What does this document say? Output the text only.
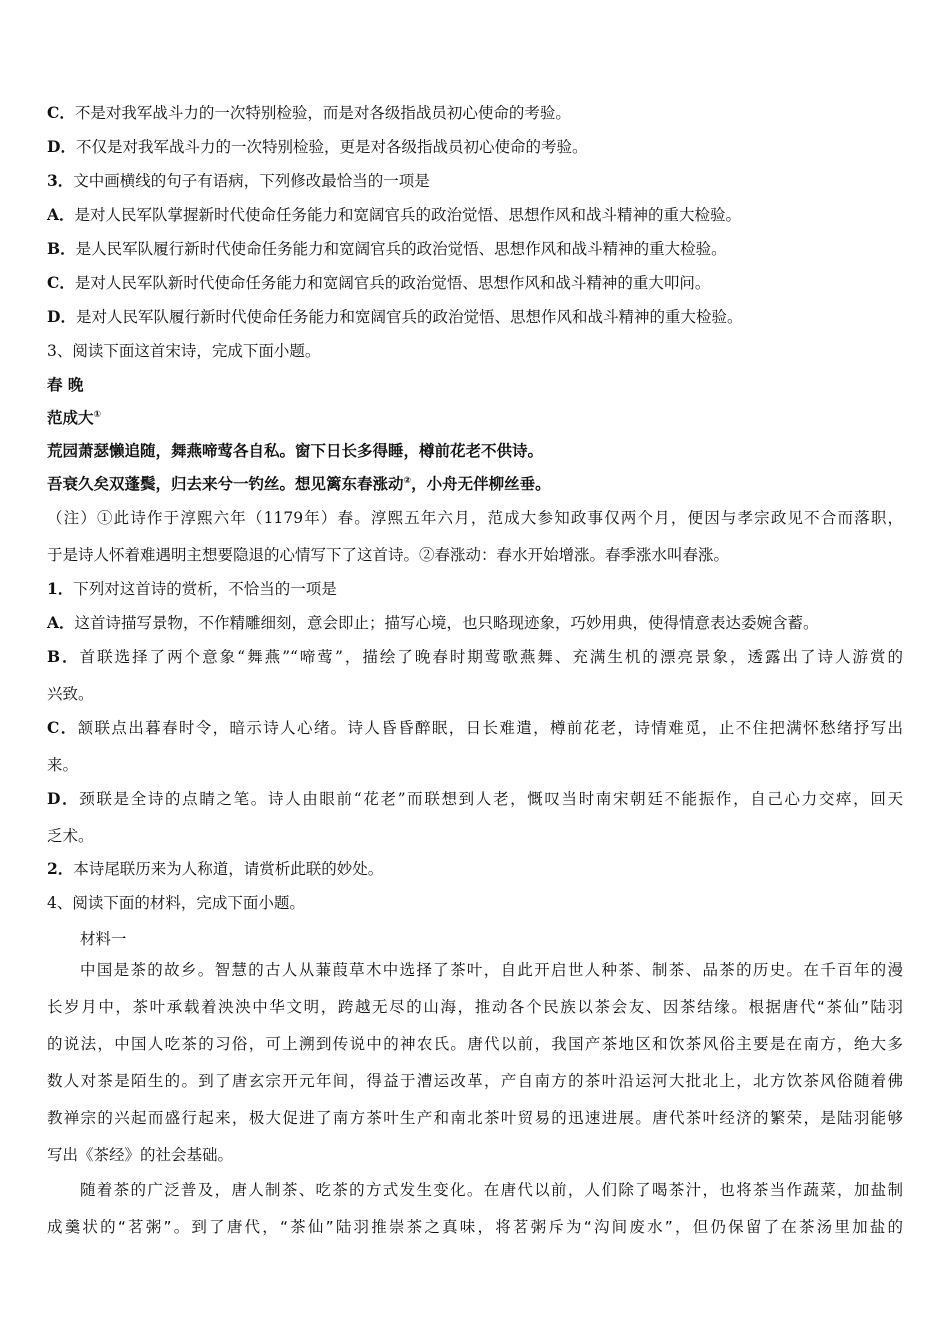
C．不是对我军战斗力的一次特别检验，而是对各级指战员初心使命的考验。
D．不仅是对我军战斗力的一次特别检验，更是对各级指战员初心使命的考验。
3．文中画横线的句子有语病，下列修改最恰当的一项是
A．是对人民军队掌握新时代使命任务能力和宽阔官兵的政治觉悟、思想作风和战斗精神的重大检验。
B．是人民军队履行新时代使命任务能力和宽阔官兵的政治觉悟、思想作风和战斗精神的重大检验。
C．是对人民军队新时代使命任务能力和宽阔官兵的政治觉悟、思想作风和战斗精神的重大叩问。
D．是对人民军队履行新时代使命任务能力和宽阔官兵的政治觉悟、思想作风和战斗精神的重大检验。
3、阅读下面这首宋诗，完成下面小题。
春 晚
范成大①
荒园萧瑟懒追随，舞燕啼莺各自私。窗下日长多得睡，樽前花老不供诗。
吾衰久矣双蓬鬓，归去来兮一钓丝。想见篱东春涨动②，小舟无伴柳丝垂。
（注）①此诗作于淳熙六年（1179年）春。淳熙五年六月，范成大参知政事仅两个月，便因与孝宗政见不合而落职，
于是诗人怀着难遇明主想要隐退的心情写下了这首诗。②春涨动：春水开始增涨。春季涨水叫春涨。
1．下列对这首诗的赏析，不恰当的一项是
A．这首诗描写景物，不作精雕细刻，意会即止；描写心境，也只略现迹象，巧妙用典，使得情意表达委婉含蓄。
B．首联选择了两个意象“舞燕”“啼莺”，描绘了晚春时期莺歌燕舞、充满生机的漂亮景象，透露出了诗人游赏的
兴致。
C．颔联点出暮春时令，暗示诗人心绪。诗人昏昏醉眠，日长难遣，樽前花老，诗情难觅，止不住把满怀愁绪抒写出
来。
D．颈联是全诗的点睛之笔。诗人由眼前“花老”而联想到人老，慨叹当时南宋朝廷不能振作，自己心力交瘁，回天
乏术。
2．本诗尾联历来为人称道，请赏析此联的妙处。
4、阅读下面的材料，完成下面小题。
材料一
中国是茶的故乡。智慧的古人从蒹葭草木中选择了茶叶，自此开启世人种茶、制茶、品茶的历史。在千百年的漫
长岁月中，茶叶承载着泱泱中华文明，跨越无尽的山海，推动各个民族以茶会友、因茶结缘。根据唐代“茶仙”陆羽
的说法，中国人吃茶的习俗，可上溯到传说中的神农氏。唐代以前，我国产茶地区和饮茶风俗主要是在南方，绝大多
数人对茶是陌生的。到了唐玄宗开元年间，得益于漕运改革，产自南方的茶叶沿运河大批北上，北方饮茶风俗随着佛
教禅宗的兴起而盛行起来，极大促进了南方茶叶生产和南北茶叶贸易的迅速进展。唐代茶叶经济的繁荣，是陆羽能够
写出《茶经》的社会基础。
随着茶的广泛普及，唐人制茶、吃茶的方式发生变化。在唐代以前，人们除了喝茶汁，也将茶当作蔬菜，加盐制
成羹状的“茗粥”。到了唐代，“茶仙”陆羽推崇茶之真味，将茗粥斥为“沟间废水”，但仍保留了在茶汤里加盐的
